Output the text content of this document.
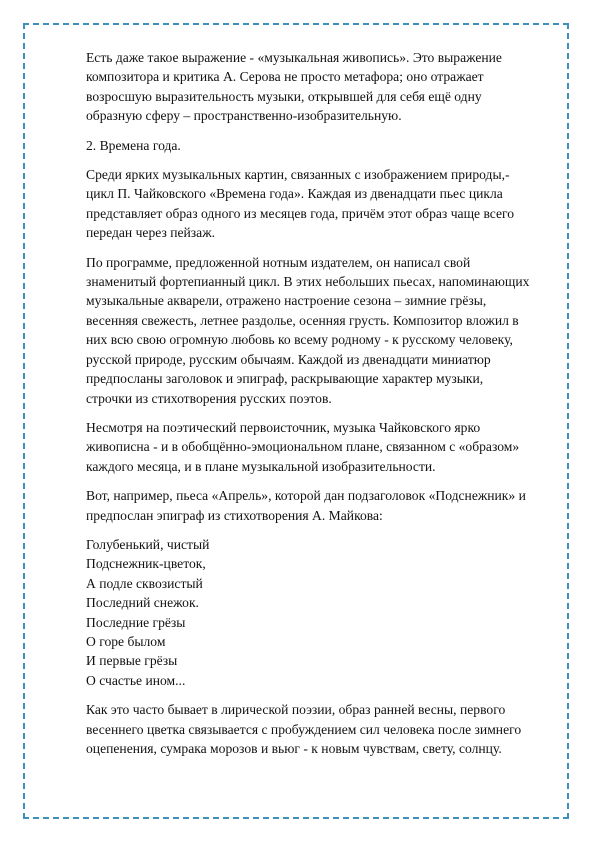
Есть даже такое выражение - «музыкальная живопись». Это выражение композитора и критика А. Серова не просто метафора; оно отражает возросшую выразительность музыки, открывшей для себя ещё одну образную сферу – пространственно-изобразительную.

2. Времена года.

Среди ярких музыкальных картин, связанных с изображением природы,- цикл П. Чайковского «Времена года». Каждая из двенадцати пьес цикла представляет образ одного из месяцев года, причём этот образ чаще всего передан через пейзаж.

По программе, предложенной нотным издателем, он написал свой знаменитый фортепианный цикл. В этих небольших пьесах, напоминающих музыкальные акварели, отражено настроение сезона – зимние грёзы, весенняя свежесть, летнее раздолье, осенняя грусть. Композитор вложил в них всю свою огромную любовь ко всему родному - к русскому человеку, русской природе, русским обычаям. Каждой из двенадцати миниатюр предпосланы заголовок и эпиграф, раскрывающие характер музыки, строчки из стихотворения русских поэтов.

Несмотря на поэтический первоисточник, музыка Чайковского ярко живописна - и в обобщённо-эмоциональном плане, связанном с «образом» каждого месяца, и в плане музыкальной изобразительности.

Вот, например, пьеса «Апрель», которой дан подзаголовок «Подснежник» и предпослан эпиграф из стихотворения А. Майкова:

Голубенький, чистый
Подснежник-цветок,
А подле сквозистый
Последний снежок.
Последние грёзы
О горе былом
И первые грёзы
О счастье ином...

Как это часто бывает в лирической поэзии, образ ранней весны, первого весеннего цветка связывается с пробуждением сил человека после зимнего оцепенения, сумрака морозов и вьюг - к новым чувствам, свету, солнцу.
